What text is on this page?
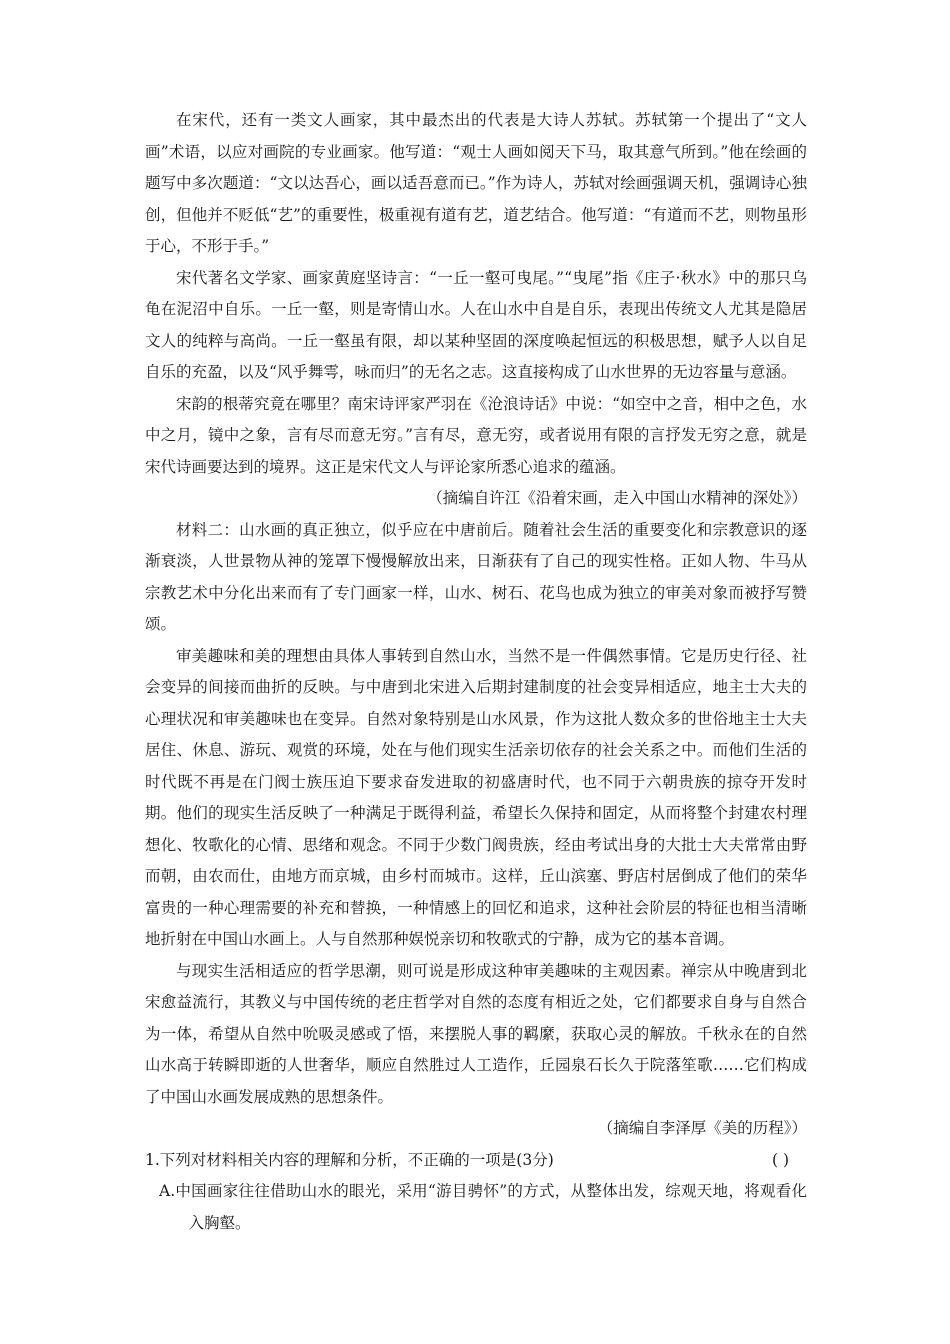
在宋代，还有一类文人画家，其中最杰出的代表是大诗人苏轼。苏轼第一个提出了“文人画”术语，以应对画院的专业画家。他写道：“观士人画如阅天下马，取其意气所到。”他在绘画的题写中多次题道：“文以达吾心，画以适吾意而已。”作为诗人，苏轼对绘画强调天机，强调诗心独创，但他并不贬低“艺”的重要性，极重视有道有艺，道艺结合。他写道：“有道而不艺，则物虽形于心，不形于手。”

宋代著名文学家、画家黄庭坚诗言：“一丘一壑可曳尾。”“曳尾”指《庄子·秋水》中的那只乌龟在泥沼中自乐。一丘一壑，则是寄情山水。人在山水中自是自乐，表现出传统文人尤其是隐居文人的纯粹与高尚。一丘一壑虽有限，却以某种坚固的深度唤起恒远的积极思想，赋予人以自足自乐的充盈，以及“风乎舞雩，咏而归”的无名之志。这直接构成了山水世界的无边容量与意涵。

宋韵的根蒂究竟在哪里？南宋诗评家严羽在《沧浪诗话》中说：“如空中之音，相中之色，水中之月，镜中之象，言有尽而意无穷。”言有尽，意无穷，或者说用有限的言抒发无穷之意，就是宋代诗画要达到的境界。这正是宋代文人与评论家所悉心追求的蕴涵。

（摘编自许江《沿着宋画，走入中国山水精神的深处》）

材料二：山水画的真正独立，似乎应在中唐前后。随着社会生活的重要变化和宗教意识的逐渐衰淡，人世景物从神的笼罩下慢慢解放出来，日渐获有了自己的现实性格。正如人物、牛马从宗教艺术中分化出来而有了专门画家一样，山水、树石、花鸟也成为独立的审美对象而被抒写赞颂。

审美趣味和美的理想由具体人事转到自然山水，当然不是一件偶然事情。它是历史行径、社会变异的间接而曲折的反映。与中唐到北宋进入后期封建制度的社会变异相适应，地主士大夫的心理状况和审美趣味也在变异。自然对象特别是山水风景，作为这批人数众多的世俗地主士大夫居住、休息、游玩、观赏的环境，处在与他们现实生活亲切依存的社会关系之中。而他们生活的时代既不再是在门阀士族压迫下要求奋发进取的初盛唐时代，也不同于六朝贵族的掠夺开发时期。他们的现实生活反映了一种满足于既得利益，希望长久保持和固定，从而将整个封建农村理想化、牧歌化的心情、思绪和观念。不同于少数门阀贵族，经由考试出身的大批士大夫常常由野而朝，由农而仕，由地方而京城，由乡村而城市。这样，丘山滨塞、野店村居倒成了他们的荣华富贵的一种心理需要的补充和替换，一种情感上的回忆和追求，这种社会阶层的特征也相当清晰地折射在中国山水画上。人与自然那种娱悦亲切和牧歌式的宁静，成为它的基本音调。

与现实生活相适应的哲学思潮，则可说是形成这种审美趣味的主观因素。禅宗从中晚唐到北宋愈益流行，其教义与中国传统的老庄哲学对自然的态度有相近之处，它们都要求自身与自然合为一体，希望从自然中吮吸灵感或了悟，来摆脱人事的羁縻，获取心灵的解放。千秋永在的自然山水高于转瞬即逝的人世奢华，顺应自然胜过人工造作，丘园泉石长久于院落笙歌……它们构成了中国山水画发展成熟的思想条件。

（摘编自李泽厚《美的历程》）

1.下列对材料相关内容的理解和分析，不正确的一项是(3分)	( )

A.中国画家往往借助山水的眼光，采用“游目骋怀”的方式，从整体出发，综观天地，将观看化入胸壑。
